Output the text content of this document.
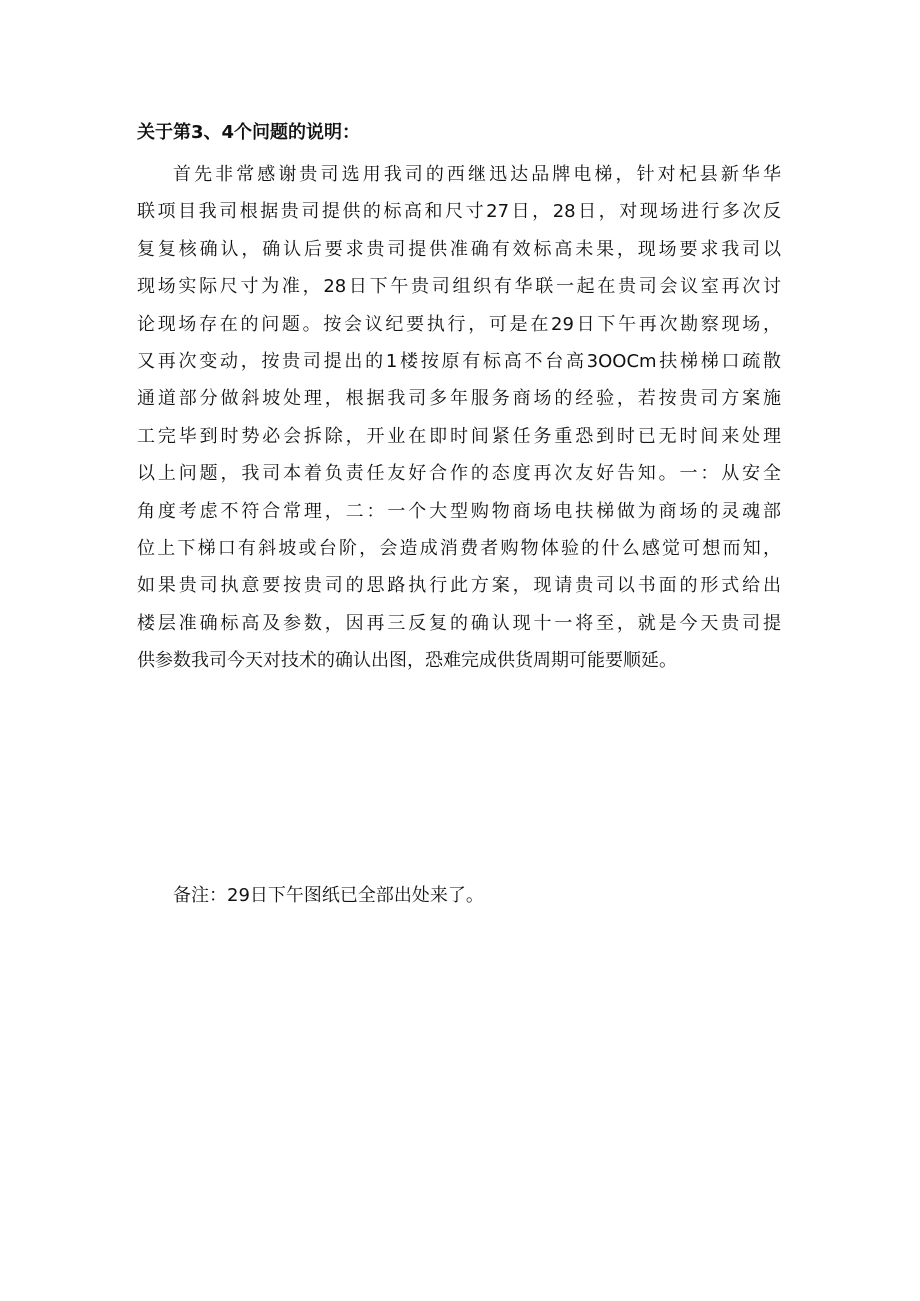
关于第3、4个问题的说明：
首先非常感谢贵司选用我司的西继迅达品牌电梯，针对杞县新华华
联项目我司根据贵司提供的标高和尺寸27日，28日，对现场进行多次反
复复核确认，确认后要求贵司提供准确有效标高未果，现场要求我司以
现场实际尺寸为准，28日下午贵司组织有华联一起在贵司会议室再次讨
论现场存在的问题。按会议纪要执行，可是在29日下午再次勘察现场，
又再次变动，按贵司提出的1楼按原有标高不台高3OOCm扶梯梯口疏散
通道部分做斜坡处理，根据我司多年服务商场的经验，若按贵司方案施
工完毕到时势必会拆除，开业在即时间紧任务重恐到时已无时间来处理
以上问题，我司本着负责任友好合作的态度再次友好告知。一：从安全
角度考虑不符合常理，二：一个大型购物商场电扶梯做为商场的灵魂部
位上下梯口有斜坡或台阶，会造成消费者购物体验的什么感觉可想而知，
如果贵司执意要按贵司的思路执行此方案，现请贵司以书面的形式给出
楼层准确标高及参数，因再三反复的确认现十一将至，就是今天贵司提
供参数我司今天对技术的确认出图，恐难完成供货周期可能要顺延。
备注：29日下午图纸已全部出处来了。
